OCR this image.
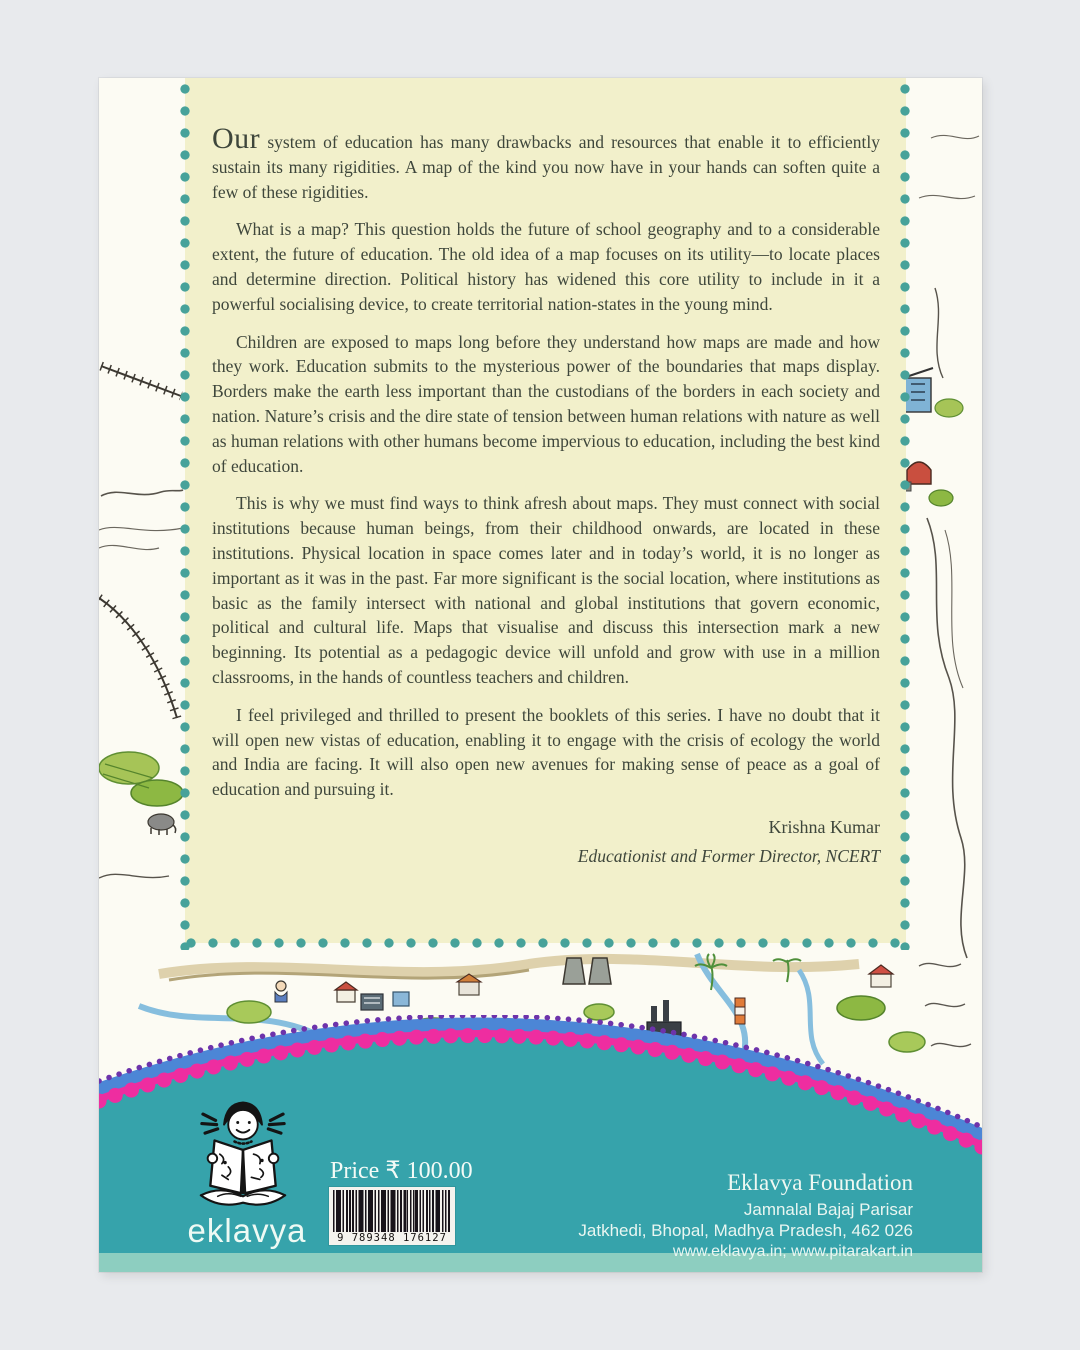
Our system of education has many drawbacks and resources that enable it to efficiently sustain its many rigidities. A map of the kind you now have in your hands can soften quite a few of these rigidities.

What is a map? This question holds the future of school geography and to a considerable extent, the future of education. The old idea of a map focuses on its utility—to locate places and determine direction. Political history has widened this core utility to include in it a powerful socialising device, to create territorial nation-states in the young mind.

Children are exposed to maps long before they understand how maps are made and how they work. Education submits to the mysterious power of the boundaries that maps display. Borders make the earth less important than the custodians of the borders in each society and nation. Nature’s crisis and the dire state of tension between human relations with nature as well as human relations with other humans become impervious to education, including the best kind of education.

This is why we must find ways to think afresh about maps. They must connect with social institutions because human beings, from their childhood onwards, are located in these institutions. Physical location in space comes later and in today’s world, it is no longer as important as it was in the past. Far more significant is the social location, where institutions as basic as the family intersect with national and global institutions that govern economic, political and cultural life. Maps that visualise and discuss this intersection mark a new beginning. Its potential as a pedagogic device will unfold and grow with use in a million classrooms, in the hands of countless teachers and children.

I feel privileged and thrilled to present the booklets of this series. I have no doubt that it will open new vistas of education, enabling it to engage with the crisis of ecology the world and India are facing. It will also open new avenues for making sense of peace as a goal of education and pursuing it.

Krishna Kumar
Educationist and Former Director, NCERT
eklavya
Price ₹ 100.00
9 789348 176127
Eklavya Foundation
Jamnalal Bajaj Parisar
Jatkhedi, Bhopal, Madhya Pradesh, 462 026
www.eklavya.in; www.pitarakart.in
